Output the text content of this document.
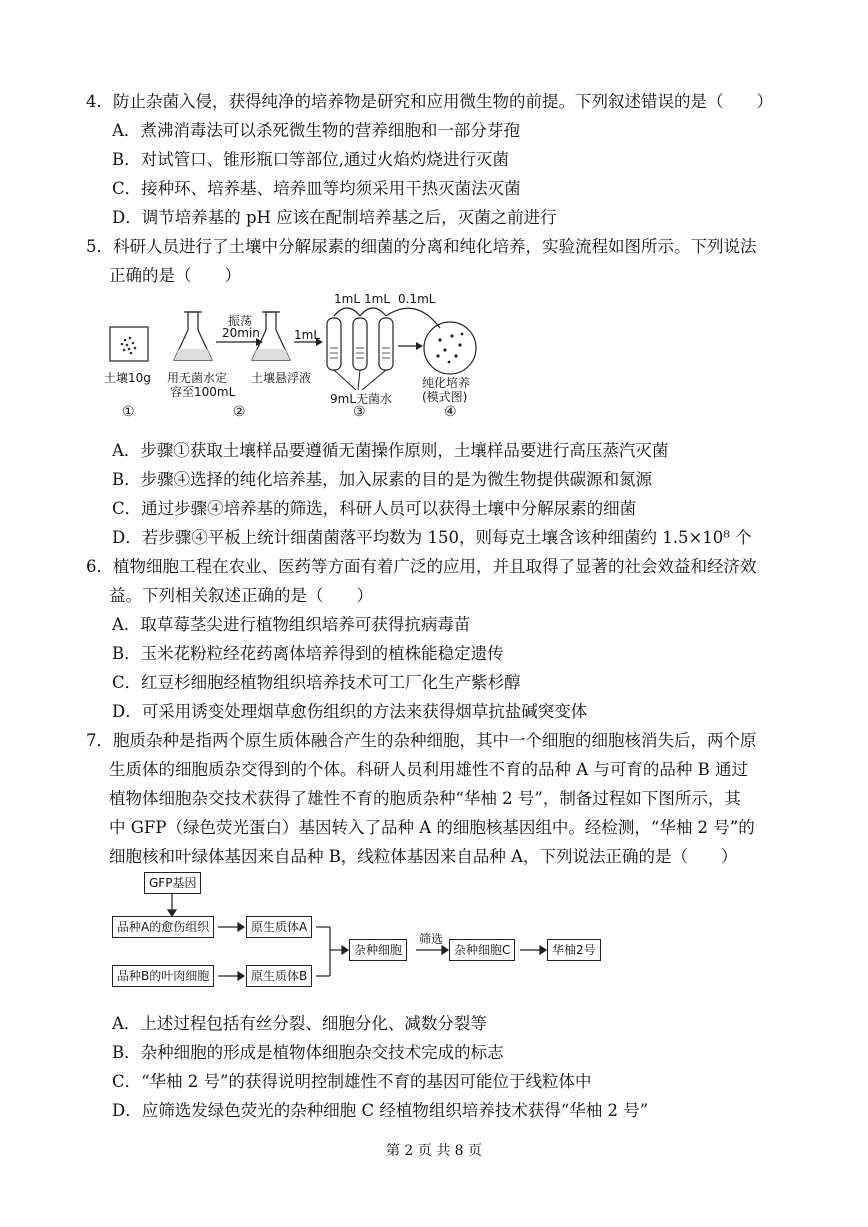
4．防止杂菌入侵，获得纯净的培养物是研究和应用微生物的前提。下列叙述错误的是（　　）
A．煮沸消毒法可以杀死微生物的营养细胞和一部分芽孢
B．对试管口、锥形瓶口等部位,通过火焰灼烧进行灭菌
C．接种环、培养基、培养皿等均须采用干热灭菌法灭菌
D．调节培养基的 pH 应该在配制培养基之后，灭菌之前进行
5．科研人员进行了土壤中分解尿素的细菌的分离和纯化培养，实验流程如图所示。下列说法
正确的是（　　）
土壤10g 用无菌水定
容至100mL
振荡
20min
土壤悬浮液
1mL
1mL 1mL 0.1mL
9mL无菌水
纯化培养
(模式图)
①	②	③	④
A．步骤①获取土壤样品要遵循无菌操作原则，土壤样品要进行高压蒸汽灭菌
B．步骤④选择的纯化培养基，加入尿素的目的是为微生物提供碳源和氮源
C．通过步骤④培养基的筛选，科研人员可以获得土壤中分解尿素的细菌
D．若步骤④平板上统计细菌菌落平均数为 150，则每克土壤含该种细菌约 1.5×10⁸ 个
6．植物细胞工程在农业、医药等方面有着广泛的应用，并且取得了显著的社会效益和经济效
益。下列相关叙述正确的是（　　）
A．取草莓茎尖进行植物组织培养可获得抗病毒苗
B．玉米花粉粒经花药离体培养得到的植株能稳定遗传
C．红豆杉细胞经植物组织培养技术可工厂化生产紫杉醇
D．可采用诱变处理烟草愈伤组织的方法来获得烟草抗盐碱突变体
7．胞质杂种是指两个原生质体融合产生的杂种细胞，其中一个细胞的细胞核消失后，两个原
生质体的细胞质杂交得到的个体。科研人员利用雄性不育的品种 A 与可育的品种 B 通过
植物体细胞杂交技术获得了雄性不育的胞质杂种“华柚 2 号”，制备过程如下图所示，其
中 GFP（绿色荧光蛋白）基因转入了品种 A 的细胞核基因组中。经检测，“华柚 2 号”的
细胞核和叶绿体基因来自品种 B，线粒体基因来自品种 A，下列说法正确的是（　　）
GFP基因
品种A的愈伤组织
品种B的叶肉细胞
原生质体A
原生质体B
杂种细胞
筛选
杂种细胞C	华柚2号
A．上述过程包括有丝分裂、细胞分化、减数分裂等
B．杂种细胞的形成是植物体细胞杂交技术完成的标志
C．“华柚 2 号”的获得说明控制雄性不育的基因可能位于线粒体中
D．应筛选发绿色荧光的杂种细胞 C 经植物组织培养技术获得“华柚 2 号”
第 2 页 共 8 页
